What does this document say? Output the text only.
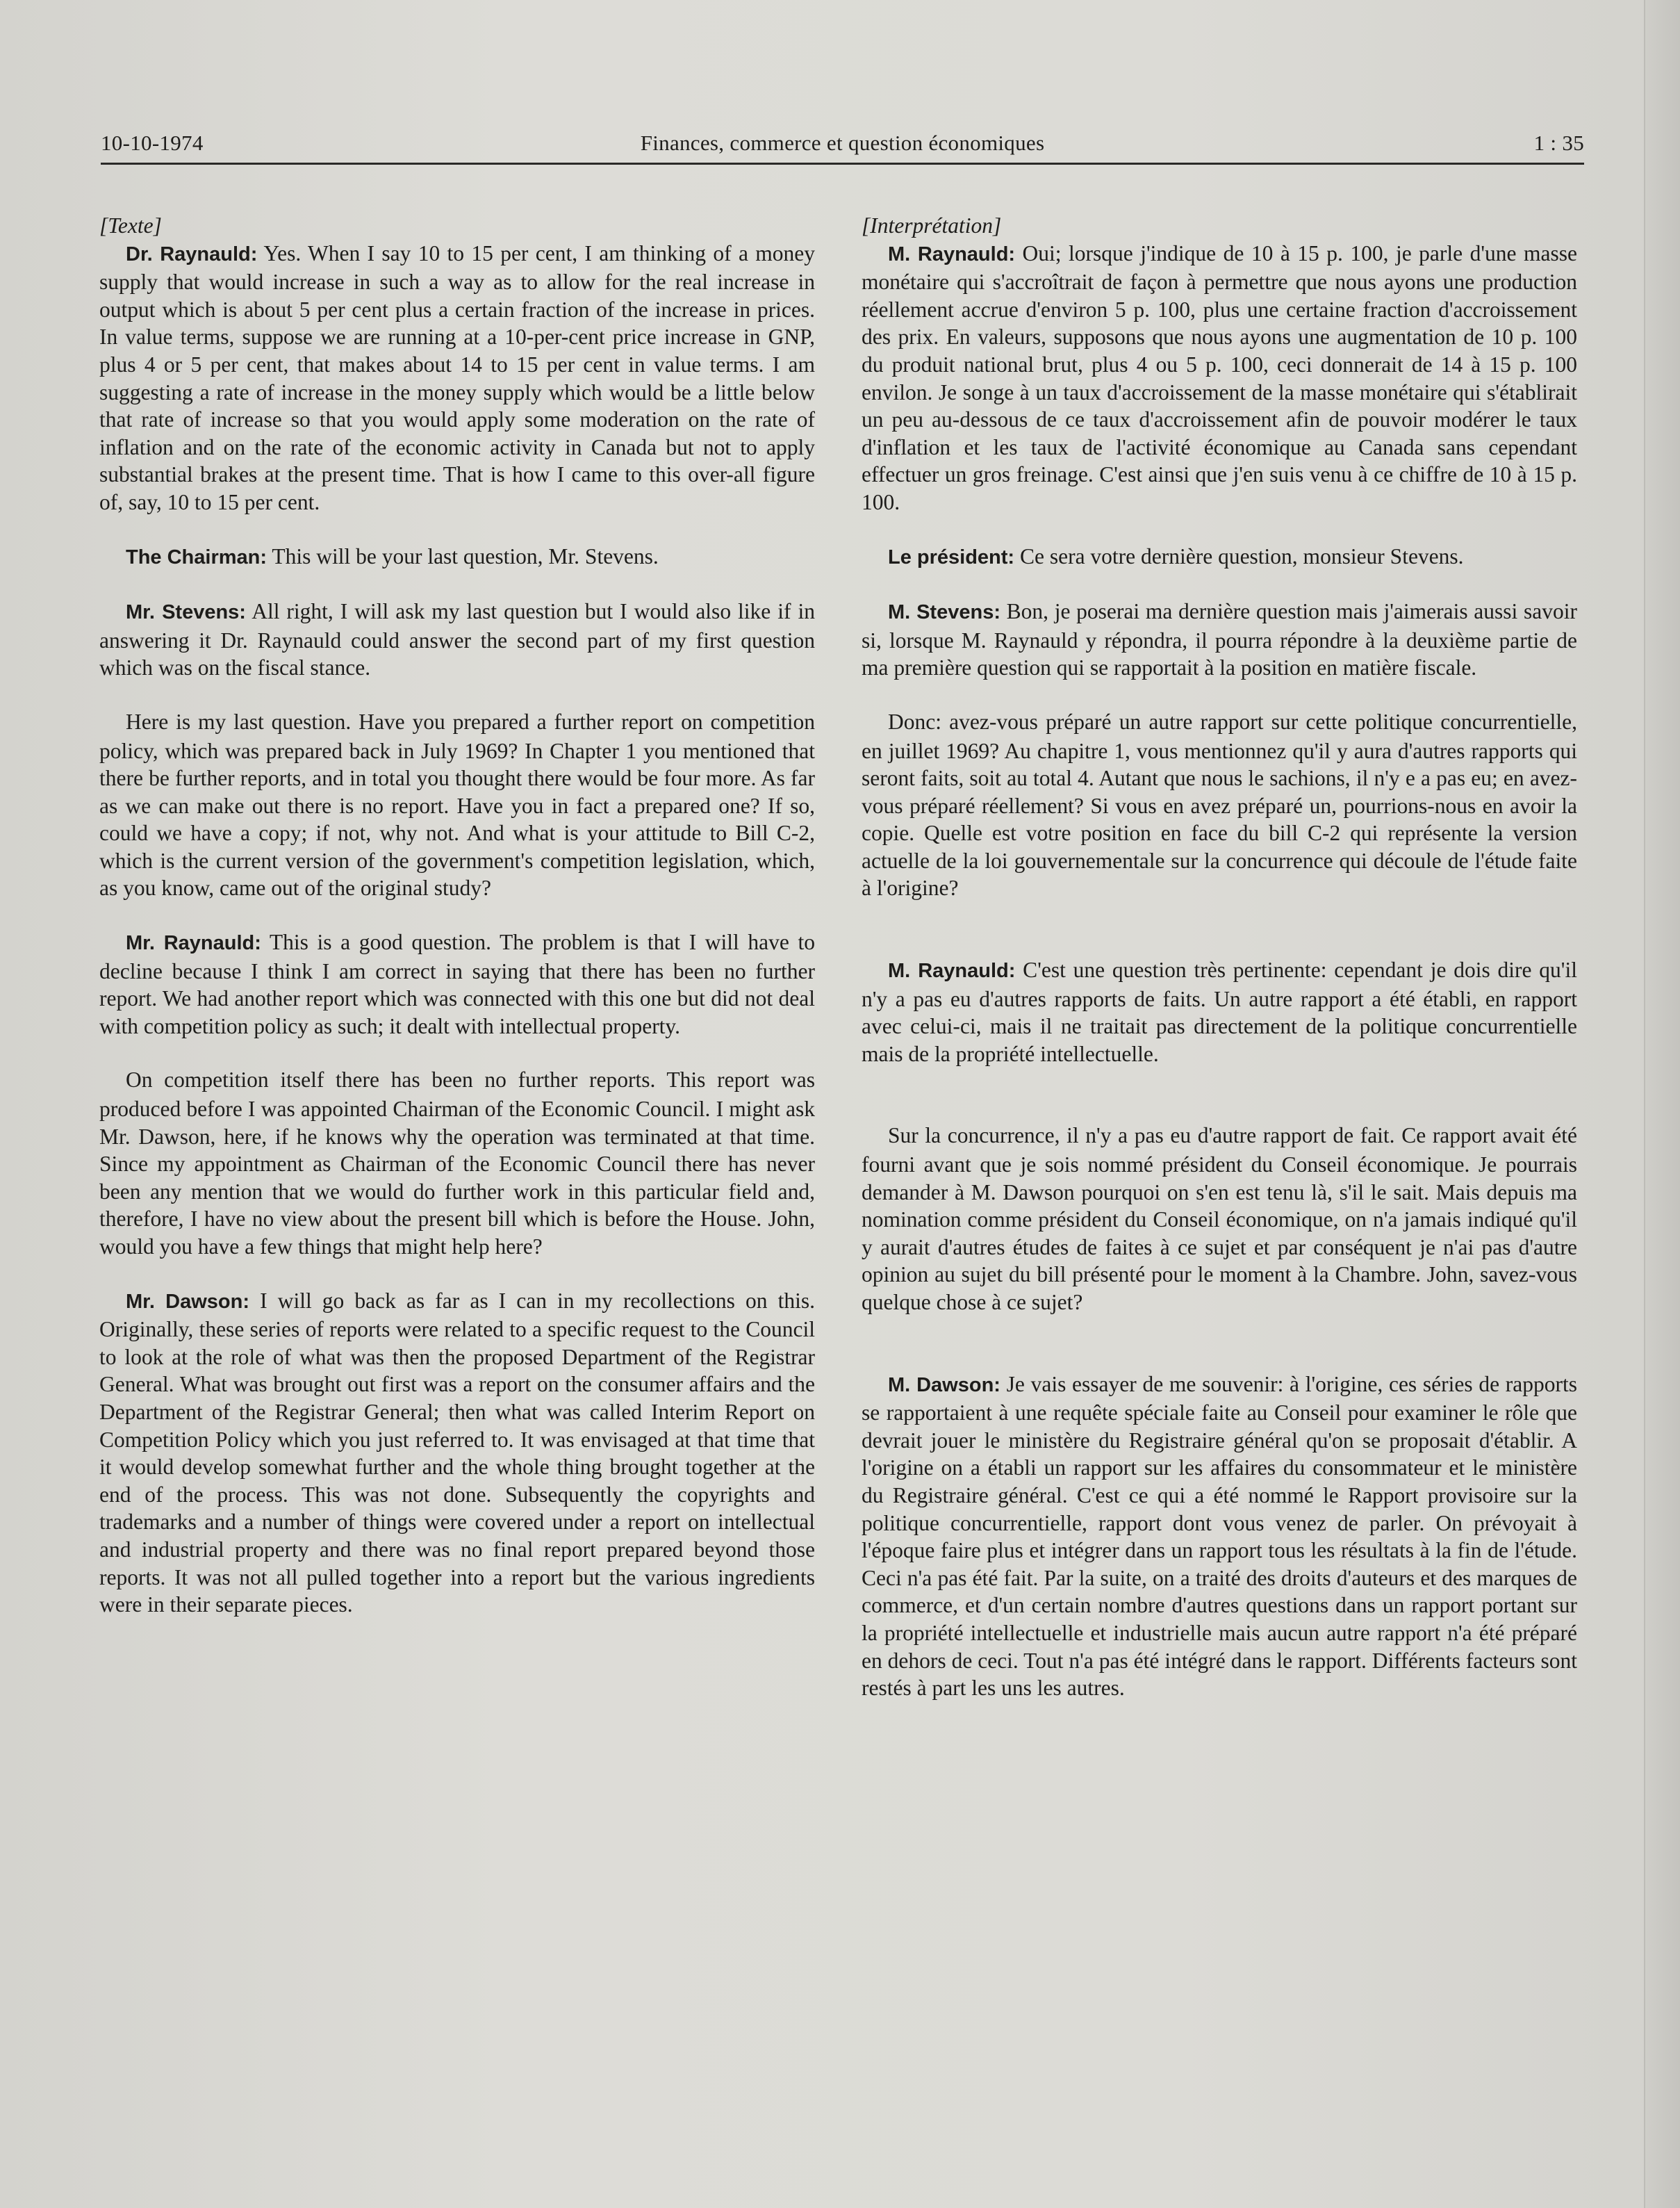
10-10-1974	Finances, commerce et question économiques	1 : 35

[Texte]

Dr. Raynauld: Yes. When I say 10 to 15 per cent, I am thinking of a money supply that would increase in such a way as to allow for the real increase in output which is about 5 per cent plus a certain fraction of the increase in prices. In value terms, suppose we are running at a 10-per-cent price increase in GNP, plus 4 or 5 per cent, that makes about 14 to 15 per cent in value terms. I am suggesting a rate of increase in the money supply which would be a little below that rate of increase so that you would apply some moderation on the rate of inflation and on the rate of the economic activity in Canada but not to apply substantial brakes at the present time. That is how I came to this over-all figure of, say, 10 to 15 per cent.

The Chairman: This will be your last question, Mr. Stevens.

Mr. Stevens: All right, I will ask my last question but I would also like if in answering it Dr. Raynauld could answer the second part of my first question which was on the fiscal stance.

Here is my last question. Have you prepared a further report on competition policy, which was prepared back in July 1969? In Chapter 1 you mentioned that there be further reports, and in total you thought there would be four more. As far as we can make out there is no report. Have you in fact a prepared one? If so, could we have a copy; if not, why not. And what is your attitude to Bill C-2, which is the current version of the government's competition legislation, which, as you know, came out of the original study?

Mr. Raynauld: This is a good question. The problem is that I will have to decline because I think I am correct in saying that there has been no further report. We had another report which was connected with this one but did not deal with competition policy as such; it dealt with intellectual property.

On competition itself there has been no further reports. This report was produced before I was appointed Chairman of the Economic Council. I might ask Mr. Dawson, here, if he knows why the operation was terminated at that time. Since my appointment as Chairman of the Economic Council there has never been any mention that we would do further work in this particular field and, therefore, I have no view about the present bill which is before the House. John, would you have a few things that might help here?

Mr. Dawson: I will go back as far as I can in my recollections on this. Originally, these series of reports were related to a specific request to the Council to look at the role of what was then the proposed Department of the Registrar General. What was brought out first was a report on the consumer affairs and the Department of the Registrar General; then what was called Interim Report on Competition Policy which you just referred to. It was envisaged at that time that it would develop somewhat further and the whole thing brought together at the end of the process. This was not done. Subsequently the copyrights and trademarks and a number of things were covered under a report on intellectual and industrial property and there was no final report prepared beyond those reports. It was not all pulled together into a report but the various ingredients were in their separate pieces.

[Interprétation]

M. Raynauld: Oui; lorsque j'indique de 10 à 15 p. 100, je parle d'une masse monétaire qui s'accroîtrait de façon à permettre que nous ayons une production réellement accrue d'environ 5 p. 100, plus une certaine fraction d'accroissement des prix. En valeurs, supposons que nous ayons une augmentation de 10 p. 100 du produit national brut, plus 4 ou 5 p. 100, ceci donnerait de 14 à 15 p. 100 envilon. Je songe à un taux d'accroissement de la masse monétaire qui s'établirait un peu au-dessous de ce taux d'accroissement afin de pouvoir modérer le taux d'inflation et les taux de l'activité économique au Canada sans cependant effectuer un gros freinage. C'est ainsi que j'en suis venu à ce chiffre de 10 à 15 p. 100.

Le président: Ce sera votre dernière question, monsieur Stevens.

M. Stevens: Bon, je poserai ma dernière question mais j'aimerais aussi savoir si, lorsque M. Raynauld y répondra, il pourra répondre à la deuxième partie de ma première question qui se rapportait à la position en matière fiscale.

Donc: avez-vous préparé un autre rapport sur cette politique concurrentielle, en juillet 1969? Au chapitre 1, vous mentionnez qu'il y aura d'autres rapports qui seront faits, soit au total 4. Autant que nous le sachions, il n'y e a pas eu; en avez-vous préparé réellement? Si vous en avez préparé un, pourrions-nous en avoir la copie. Quelle est votre position en face du bill C-2 qui représente la version actuelle de la loi gouvernementale sur la concurrence qui découle de l'étude faite à l'origine?

M. Raynauld: C'est une question très pertinente: cependant je dois dire qu'il n'y a pas eu d'autres rapports de faits. Un autre rapport a été établi, en rapport avec celui-ci, mais il ne traitait pas directement de la politique concurrentielle mais de la propriété intellectuelle.

Sur la concurrence, il n'y a pas eu d'autre rapport de fait. Ce rapport avait été fourni avant que je sois nommé président du Conseil économique. Je pourrais demander à M. Dawson pourquoi on s'en est tenu là, s'il le sait. Mais depuis ma nomination comme président du Conseil économique, on n'a jamais indiqué qu'il y aurait d'autres études de faites à ce sujet et par conséquent je n'ai pas d'autre opinion au sujet du bill présenté pour le moment à la Chambre. John, savez-vous quelque chose à ce sujet?

M. Dawson: Je vais essayer de me souvenir: à l'origine, ces séries de rapports se rapportaient à une requête spéciale faite au Conseil pour examiner le rôle que devrait jouer le ministère du Registraire général qu'on se proposait d'établir. A l'origine on a établi un rapport sur les affaires du consommateur et le ministère du Registraire général. C'est ce qui a été nommé le Rapport provisoire sur la politique concurrentielle, rapport dont vous venez de parler. On prévoyait à l'époque faire plus et intégrer dans un rapport tous les résultats à la fin de l'étude. Ceci n'a pas été fait. Par la suite, on a traité des droits d'auteurs et des marques de commerce, et d'un certain nombre d'autres questions dans un rapport portant sur la propriété intellectuelle et industrielle mais aucun autre rapport n'a été préparé en dehors de ceci. Tout n'a pas été intégré dans le rapport. Différents facteurs sont restés à part les uns les autres.
